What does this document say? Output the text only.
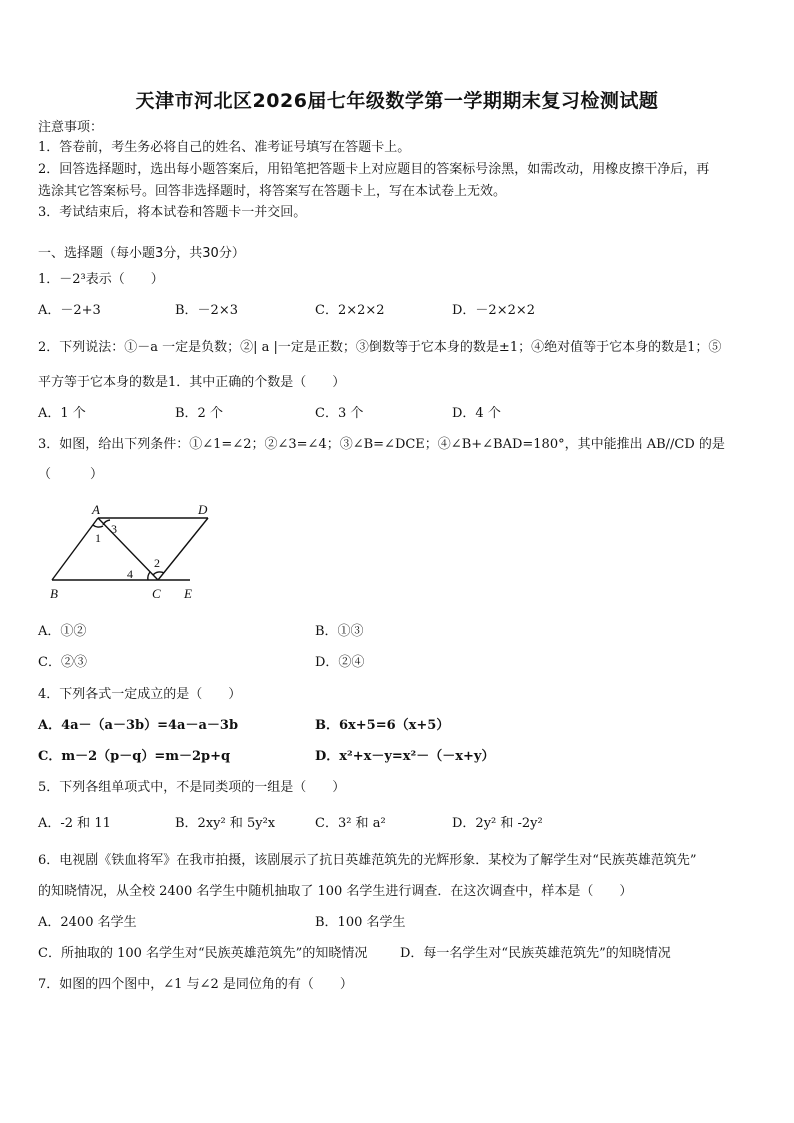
天津市河北区2026届七年级数学第一学期期末复习检测试题
注意事项：
1．答卷前，考生务必将自己的姓名、准考证号填写在答题卡上。
2．回答选择题时，选出每小题答案后，用铅笔把答题卡上对应题目的答案标号涂黑，如需改动，用橡皮擦干净后，再
选涂其它答案标号。回答非选择题时，将答案写在答题卡上，写在本试卷上无效。
3．考试结束后，将本试卷和答题卡一并交回。
一、选择题（每小题3分，共30分）
1．－2³表示（　　）
A．－2+3	B．－2×3	C．2×2×2	D．－2×2×2
2．下列说法：①－a 一定是负数；②| a |一定是正数；③倒数等于它本身的数是±1；④绝对值等于它本身的数是1；⑤
平方等于它本身的数是1．其中正确的个数是（　　）
A．1 个	B．2 个	C．3 个	D．4 个
3．如图，给出下列条件：①∠1=∠2；②∠3=∠4；③∠B=∠DCE；④∠B+∠BAD=180°，其中能推出 AB//CD 的是
（　　　）
A	D
B	C E
1
2
3
4
A．①②	B．①③
C．②③	D．②④
4．下列各式一定成立的是（　　）
A．4a－（a－3b）=4a－a－3b	B．6x+5=6（x+5）
C．m－2（p－q）=m－2p+q	D．x²+x－y=x²－（－x+y）
5．下列各组单项式中，不是同类项的一组是（　　）
A．-2 和 11	B．2xy² 和 5y²x	C．3² 和 a²	D．2y² 和 -2y²
6．电视剧《铁血将军》在我市拍摄，该剧展示了抗日英雄范筑先的光辉形象．某校为了解学生对“民族英雄范筑先”
的知晓情况，从全校 2400 名学生中随机抽取了 100 名学生进行调查．在这次调查中，样本是（　　）
A．2400 名学生	B．100 名学生
C．所抽取的 100 名学生对“民族英雄范筑先”的知晓情况	D．每一名学生对“民族英雄范筑先”的知晓情况
7．如图的四个图中，∠1 与∠2 是同位角的有（　　）
